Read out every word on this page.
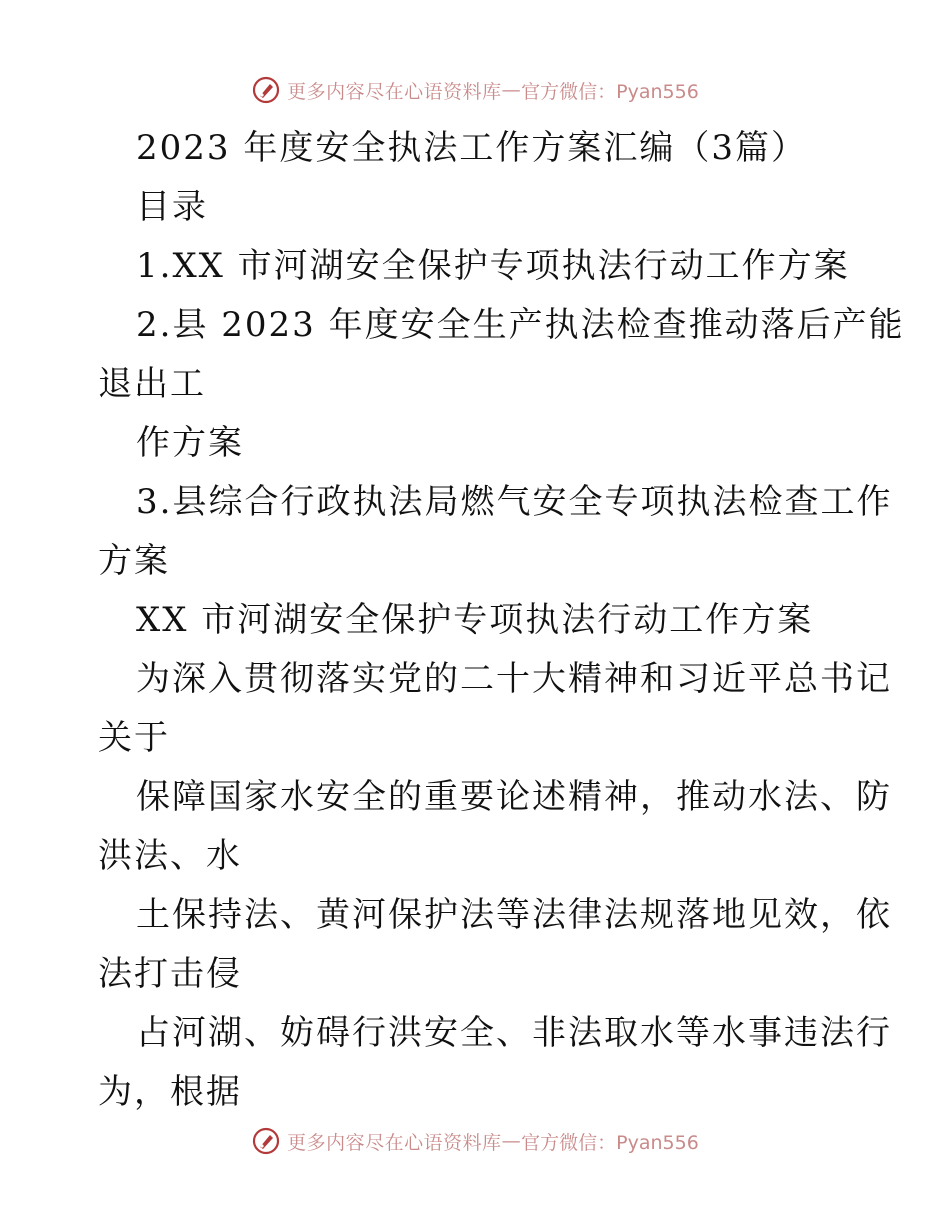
更多内容尽在心语资料库 — 官方微信：Pyan556
2023 年度安全执法工作方案汇编（3篇）
目录
1.XX 市河湖安全保护专项执法行动工作方案
2.县 2023 年度安全生产执法检查推动落后产能
退出工
作方案
3.县综合行政执法局燃气安全专项执法检查工作
方案
XX 市河湖安全保护专项执法行动工作方案
为深入贯彻落实党的二十大精神和习近平总书记
关于
保障国家水安全的重要论述精神，推动水法、防
洪法、水
土保持法、黄河保护法等法律法规落地见效，依
法打击侵
占河湖、妨碍行洪安全、非法取水等水事违法行
为，根据
更多内容尽在心语资料库 — 官方微信：Pyan556
